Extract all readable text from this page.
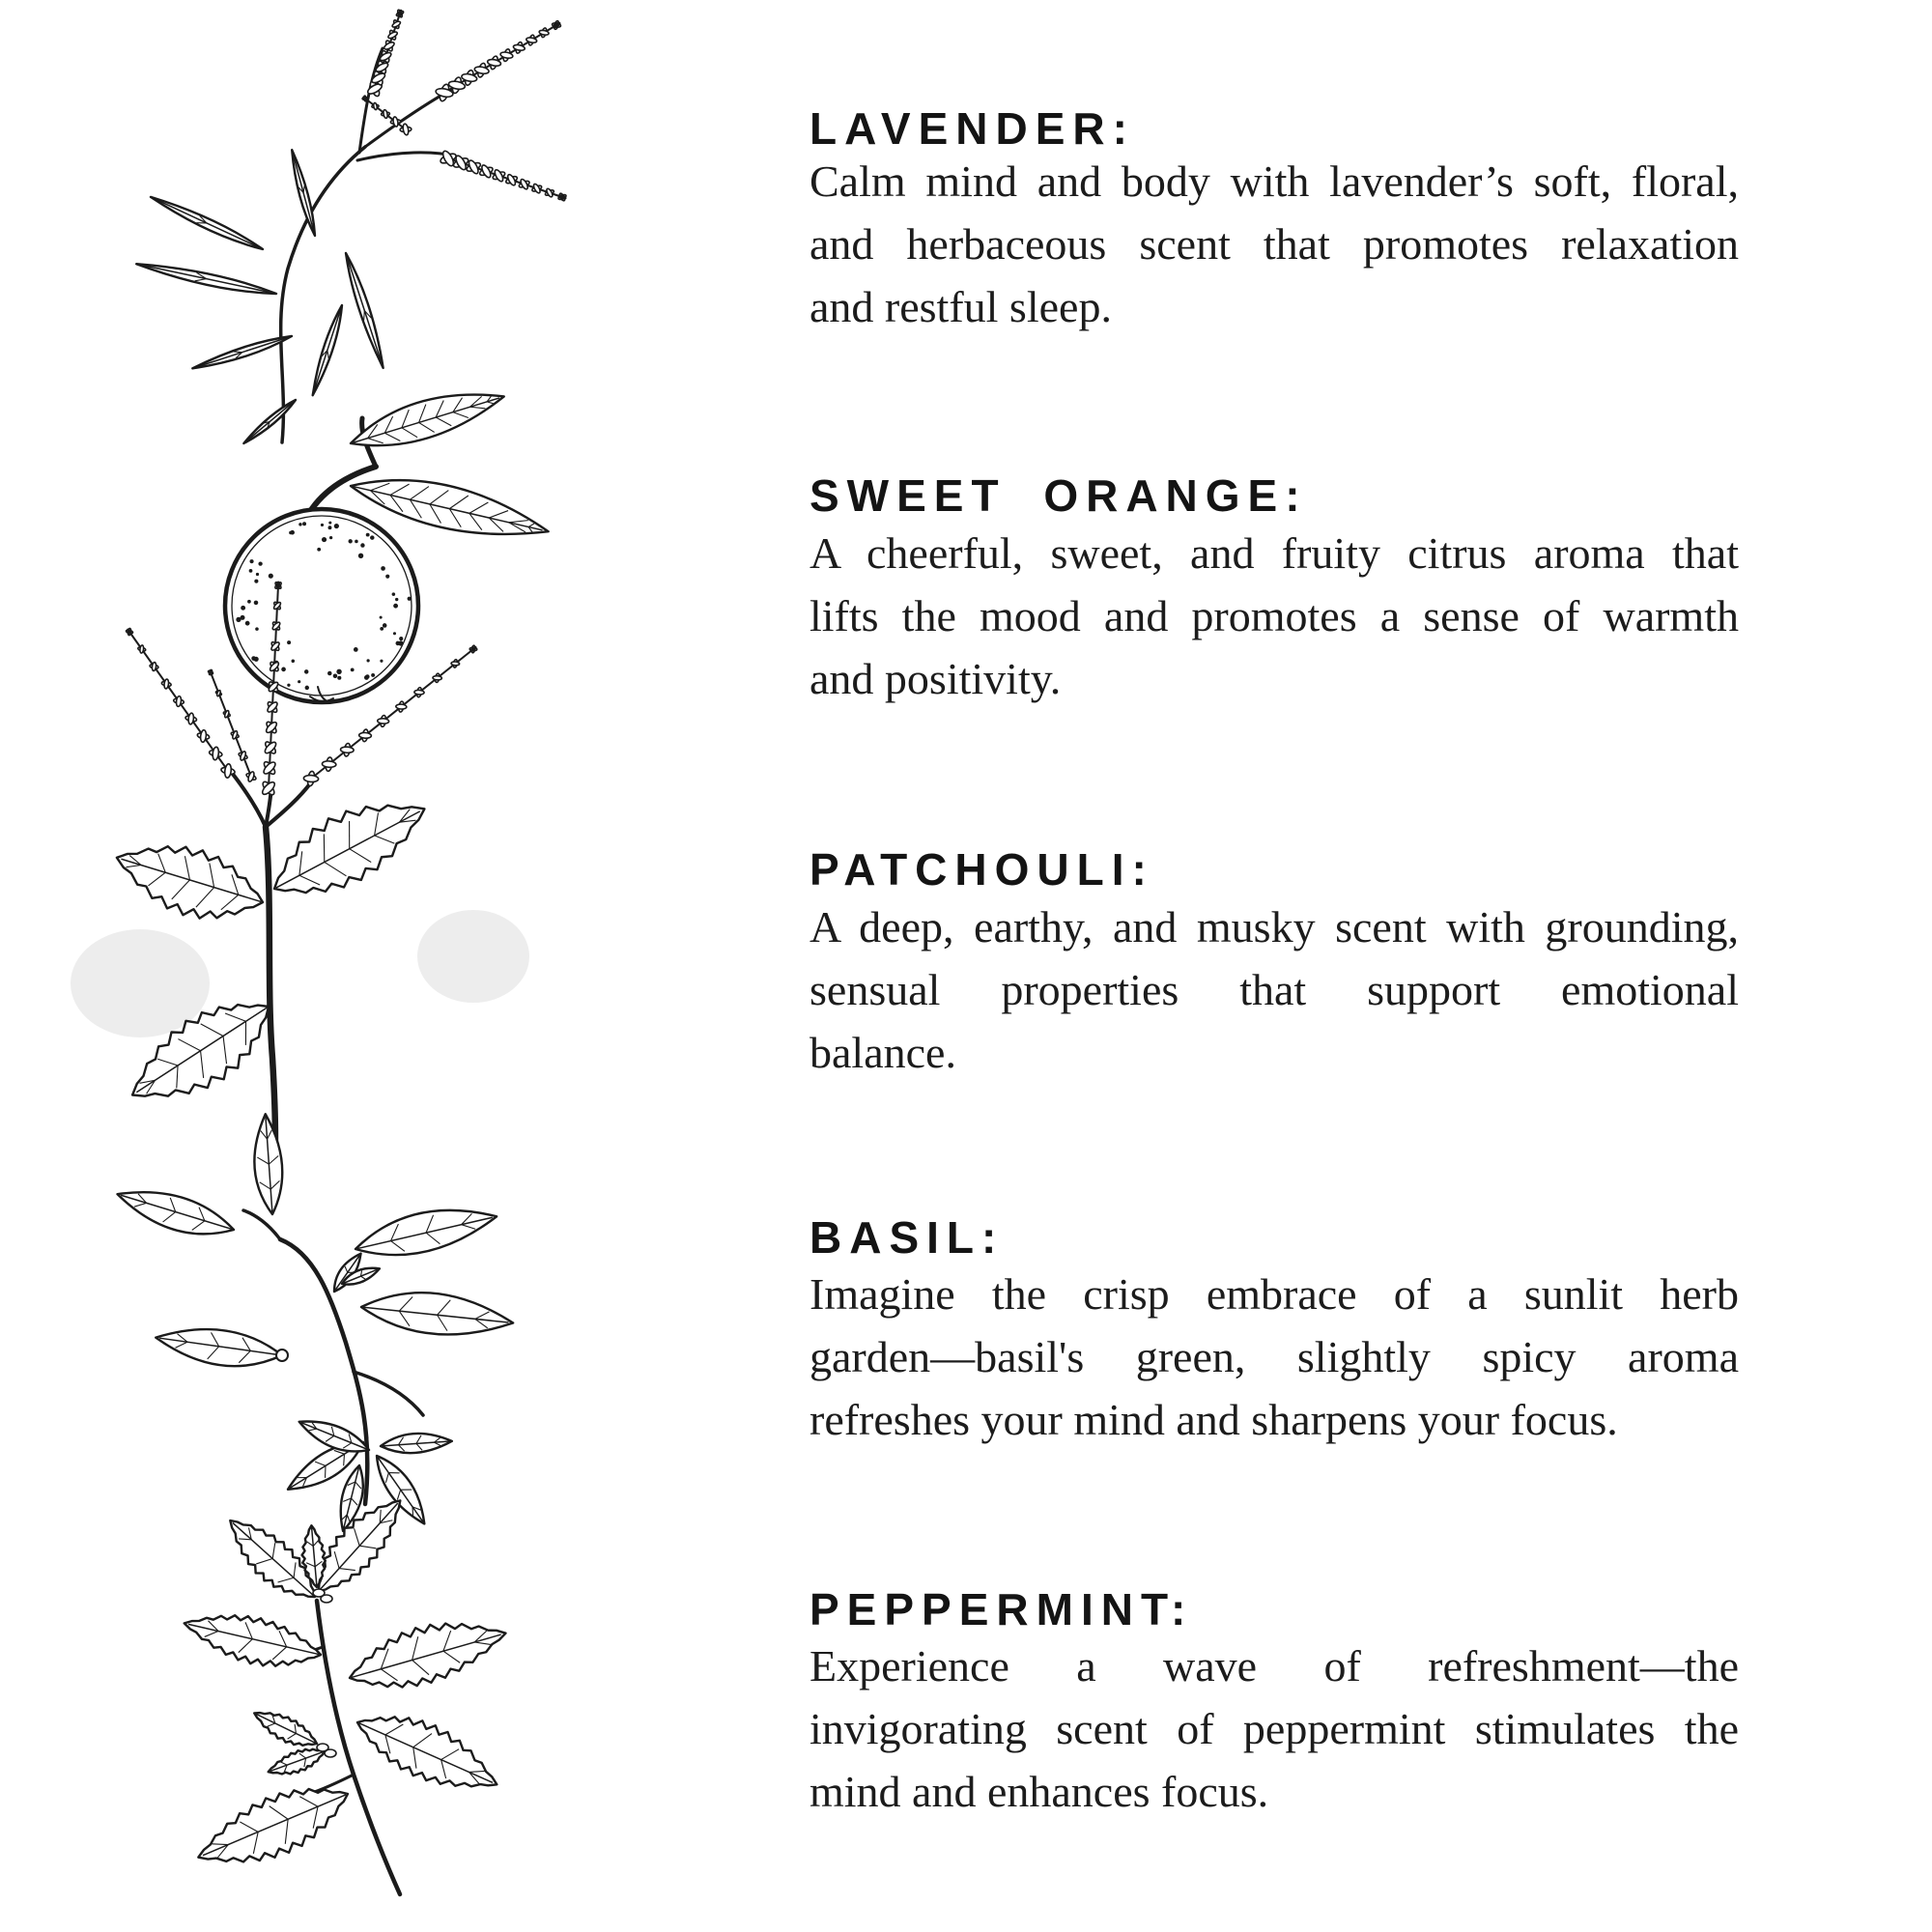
LAVENDER:
Calm mind and body with lavender’s soft, floral,
and herbaceous scent that promotes relaxation
and restful sleep.
SWEET ORANGE:
A cheerful, sweet, and fruity citrus aroma that
lifts the mood and promotes a sense of warmth
and positivity.
PATCHOULI:
A deep, earthy, and musky scent with grounding,
sensual properties that support emotional
balance.
BASIL:
Imagine the crisp embrace of a sunlit herb
garden—basil's green, slightly spicy aroma
refreshes your mind and sharpens your focus.
PEPPERMINT:
Experience a wave of refreshment—the
invigorating scent of peppermint stimulates the
mind and enhances focus.
